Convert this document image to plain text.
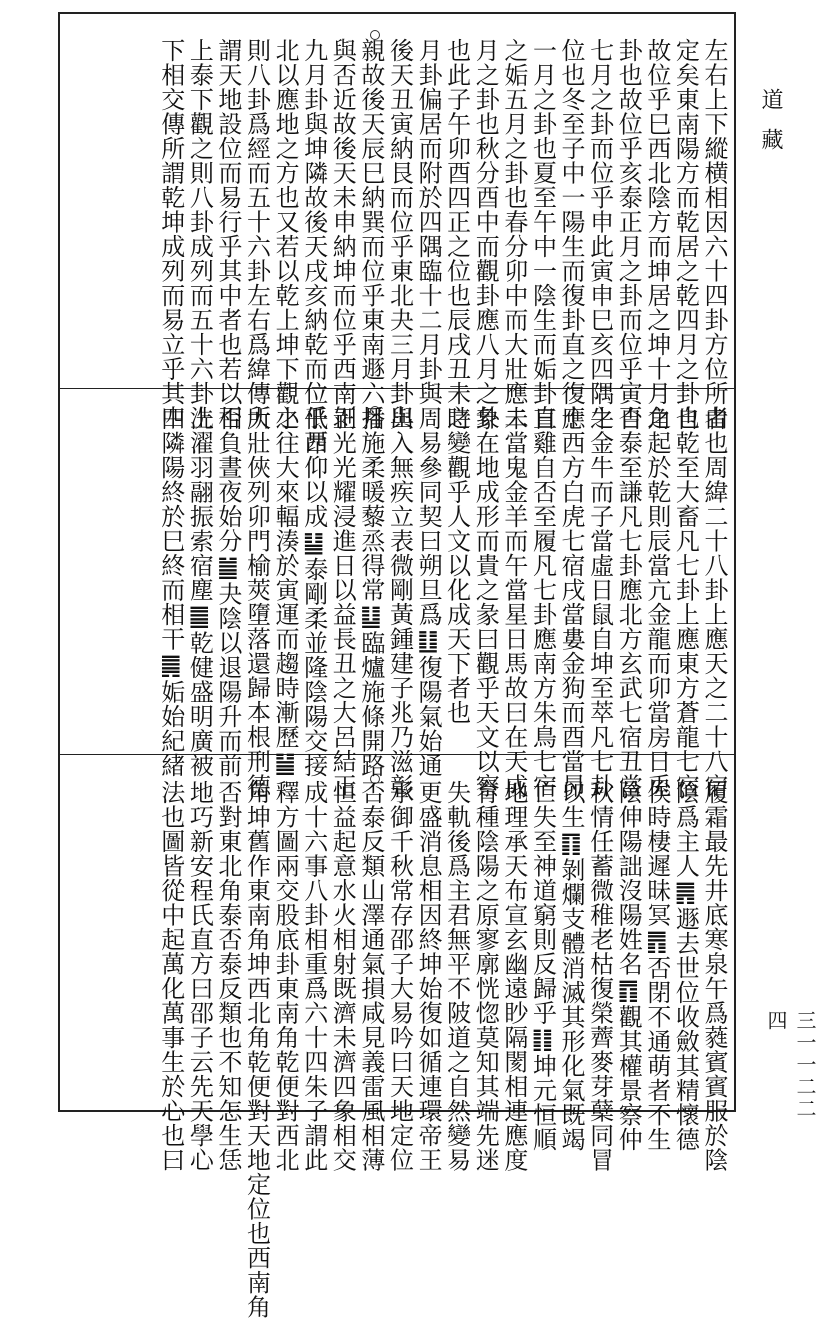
道藏
三一一二二四
左右上下縱横相因六十四卦方位所由
定矣東南陽方而乾居之乾四月之卦也
故位乎巳西北陰方而坤居之坤十月之
卦也故位乎亥泰正月之卦而位乎寅否
七月之卦而位乎申此寅申巳亥四隅之
位也冬至子中一陽生而復卦直之復十
一月之卦也夏至午中一陰生而姤卦直
之姤五月之卦也春分卯中而大壯應二
月之卦也秋分酉中而觀卦應八月之卦
也此子午卯酉四正之位也辰戌丑未之
月卦偏居而附於四隅臨十二月卦與
後天丑寅納艮而位乎東北夬三月卦與
親故後天辰巳納巽而位乎東南遯六月
與否近故後天未申納坤而位乎西南剝
九月卦與坤隣故後天戌亥納乾而位乎西
北以應地之方也又若以乾上坤下觀之
則八卦爲經而五十六卦左右爲緯傳所
謂天地設位而易行乎其中者也若以否
上泰下觀之則八卦成列而五十六卦上
下相交傳所謂乾坤成列而易立乎其中
者也周緯二十八卦上應天之二十八宿
自乾至大畜凡七卦上應東方蒼龍七宿
角起於乾則辰當亢金龍而卯當房日兎
自泰至謙凡七卦應北方玄武七宿丑當
牛金牛而子當虛日鼠自坤至萃凡七卦
應西方白虎七宿戌當婁金狗而酉當昴
日雞自否至履凡七卦應南方朱鳥七宿
未當鬼金羊而午當星日馬故曰在天成
象在地成形而貴之彖曰觀乎天文以察
時變觀乎人文以化成天下者也
周易參同契曰朔旦爲䷗復陽氣始通
出入無疾立表微剛黃鍾建子兆乃滋彰
播施柔暖藜烝得常䷒臨爐施條開路
正光光耀浸進日以益長丑之大呂結正
低昂仰以成䷊泰剛柔並隆陰陽交接
小往大來輻湊於寅運而趨時漸歷䷡
大壯俠列卯門榆莢墮落還歸本根刑德
相負晝夜始分䷪夬陰以退陽升而前
洗濯羽翮振索宿塵䷀乾健盛明廣被
四隣陽終於巳終而相干䷫姤始紀緒
履霜最先井底寒泉午爲蕤賓賓服於陰
陰爲主人䷠遯去世位收斂其精懷德
俟時棲遲昧冥䷋否閉不通萌者不生
陰伸陽詘沒陽姓名䷓觀其權景察仲
秋情任蓄微稚老枯復榮薺麥芽蘖同冒
以生䷖剝爛支體消滅其形化氣既竭
亡失至神道窮則反歸乎䷁坤元恒順
地理承天布宣玄幽遠眇隔閡相連應度
育種陰陽之原寥廓恍惚莫知其端先迷
失軌後爲主君無平不陂道之自然變易
更盛消息相因終坤始復如循連環帝王
承御千秋常存邵子大易吟曰天地定位
否泰反類山澤通氣損咸見義雷風相薄
恒益起意水火相射既濟未濟四象相交
成十六事八卦相重爲六十四朱子謂此
釋方圖兩交股底卦東南角乾便對西北
角坤舊作東南角坤西北角乾便對天地定位也西南角
否對東北角泰否泰反類也不知怎生恁
地巧新安程氏直方曰邵子云先天學心
法也圖皆從中起萬化萬事生於心也曰
